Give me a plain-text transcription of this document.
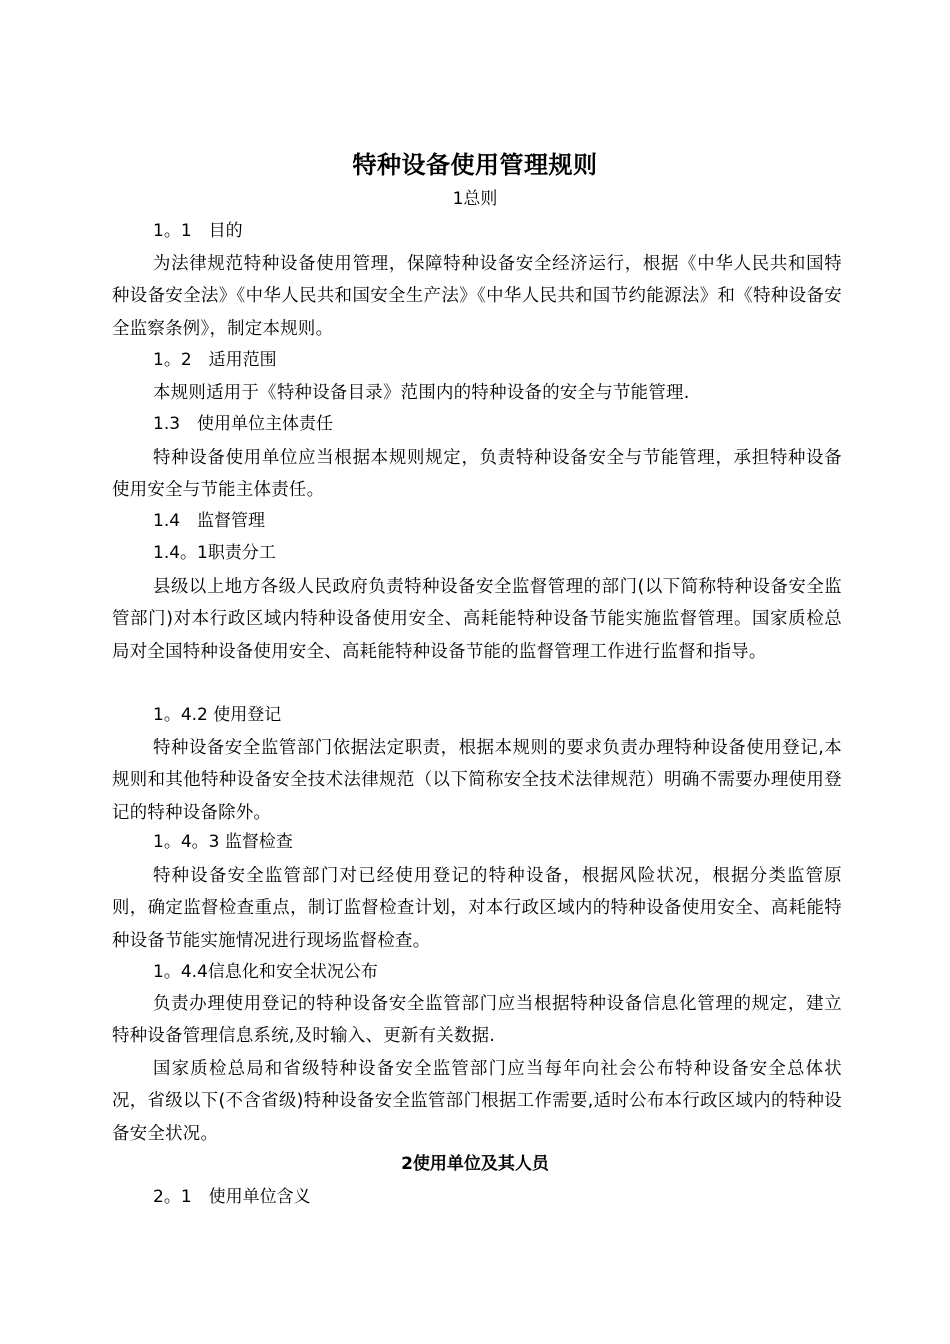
特种设备使用管理规则
1总则
1。1　目的
为法律规范特种设备使用管理，保障特种设备安全经济运行，根据《中华人民共和国特种设备安全法》《中华人民共和国安全生产法》《中华人民共和国节约能源法》和《特种设备安全监察条例》，制定本规则。
1。2　适用范围
本规则适用于《特种设备目录》范围内的特种设备的安全与节能管理.
1.3　使用单位主体责任
特种设备使用单位应当根据本规则规定，负责特种设备安全与节能管理，承担特种设备使用安全与节能主体责任。
1.4　监督管理
1.4。1职责分工
县级以上地方各级人民政府负责特种设备安全监督管理的部门(以下简称特种设备安全监管部门)对本行政区域内特种设备使用安全、高耗能特种设备节能实施监督管理。国家质检总局对全国特种设备使用安全、高耗能特种设备节能的监督管理工作进行监督和指导。
1。4.2 使用登记
特种设备安全监管部门依据法定职责，根据本规则的要求负责办理特种设备使用登记,本规则和其他特种设备安全技术法律规范（以下简称安全技术法律规范）明确不需要办理使用登记的特种设备除外。
1。4。3 监督检查
特种设备安全监管部门对已经使用登记的特种设备，根据风险状况，根据分类监管原则，确定监督检查重点，制订监督检查计划，对本行政区域内的特种设备使用安全、高耗能特种设备节能实施情况进行现场监督检查。
1。4.4信息化和安全状况公布
负责办理使用登记的特种设备安全监管部门应当根据特种设备信息化管理的规定，建立特种设备管理信息系统,及时输入、更新有关数据.
国家质检总局和省级特种设备安全监管部门应当每年向社会公布特种设备安全总体状况，省级以下(不含省级)特种设备安全监管部门根据工作需要,适时公布本行政区域内的特种设备安全状况。
2使用单位及其人员
2。1　使用单位含义
